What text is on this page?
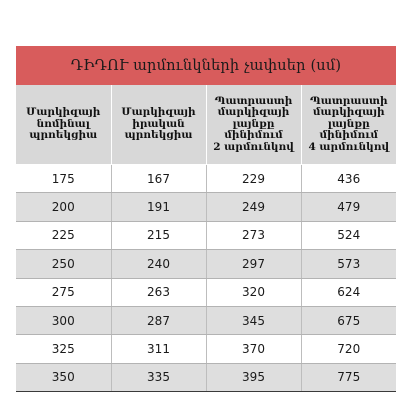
ԴԻԴՈՒ արմունկների չափսեր (սմ)
Մարկիզայի
նոմինալ
պրոեկցիա	Մարկիզայի
իրական
պրոեկցիա	Պատրաստի
մարկիզայի
լայնքը
մինիմում
2 արմունկով	Պատրաստի
մարկիզայի
լայնքը
մինիմում
4 արմունկով
175	167	229	436
200	191	249	479
225	215	273	524
250	240	297	573
275	263	320	624
300	287	345	675
325	311	370	720
350	335	395	775
